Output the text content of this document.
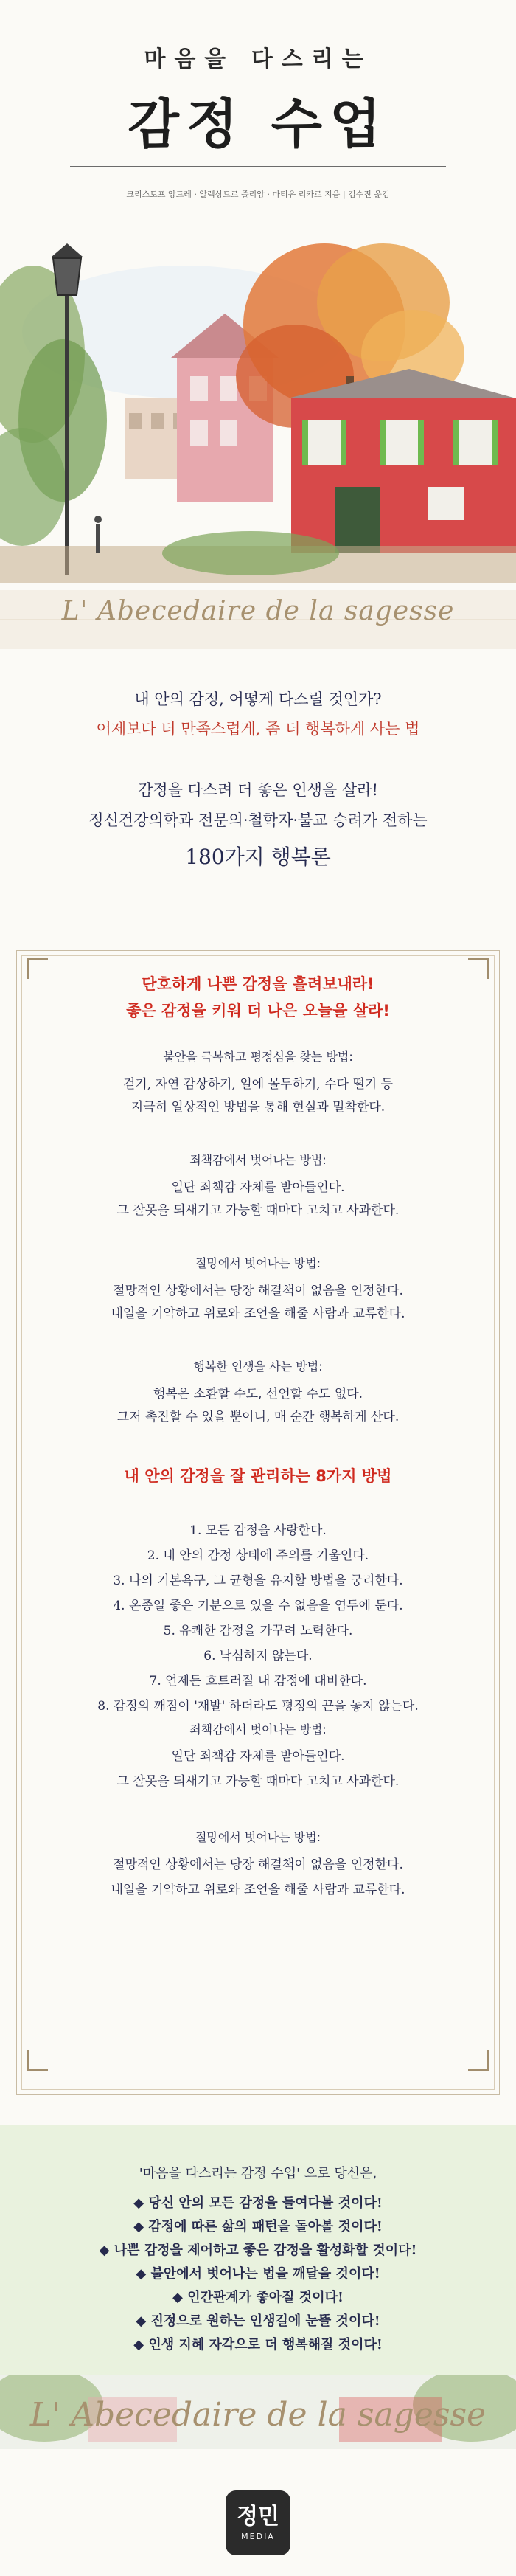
마음을 다스리는
감정 수업
크리스토프 앙드레 · 알렉상드르 졸리앙 · 마티유 리카르 지음 | 김수진 옮김
L' Abecedaire de la sagesse
내 안의 감정, 어떻게 다스릴 것인가?
어제보다 더 만족스럽게, 좀 더 행복하게 사는 법
감정을 다스려 더 좋은 인생을 살라!
정신건강의학과 전문의·철학자·불교 승려가 전하는
180가지 행복론
단호하게 나쁜 감정을 흘려보내라!
좋은 감정을 키워 더 나은 오늘을 살라!
불안을 극복하고 평정심을 찾는 방법:
걷기, 자연 감상하기, 일에 몰두하기, 수다 떨기 등
지극히 일상적인 방법을 통해 현실과 밀착한다.
죄책감에서 벗어나는 방법:
일단 죄책감 자체를 받아들인다.
그 잘못을 되새기고 가능할 때마다 고치고 사과한다.
절망에서 벗어나는 방법:
절망적인 상황에서는 당장 해결책이 없음을 인정한다.
내일을 기약하고 위로와 조언을 해줄 사람과 교류한다.
행복한 인생을 사는 방법:
행복은 소환할 수도, 선언할 수도 없다.
그저 촉진할 수 있을 뿐이니, 매 순간 행복하게 산다.
내 안의 감정을 잘 관리하는 8가지 방법
1. 모든 감정을 사랑한다.
2. 내 안의 감정 상태에 주의를 기울인다.
3. 나의 기본욕구, 그 균형을 유지할 방법을 궁리한다.
4. 온종일 좋은 기분으로 있을 수 없음을 염두에 둔다.
5. 유쾌한 감정을 가꾸려 노력한다.
6. 낙심하지 않는다.
7. 언제든 흐트러질 내 감정에 대비한다.
8. 감정의 깨짐이 '재발' 하더라도 평정의 끈을 놓지 않는다.
죄책감에서 벗어나는 방법:
일단 죄책감 자체를 받아들인다.
그 잘못을 되새기고 가능할 때마다 고치고 사과한다.
절망에서 벗어나는 방법:
절망적인 상황에서는 당장 해결책이 없음을 인정한다.
내일을 기약하고 위로와 조언을 해줄 사람과 교류한다.
'마음을 다스리는 감정 수업' 으로 당신은,
◆ 당신 안의 모든 감정을 들여다볼 것이다!
◆ 감정에 따른 삶의 패턴을 돌아볼 것이다!
◆ 나쁜 감정을 제어하고 좋은 감정을 활성화할 것이다!
◆ 불안에서 벗어나는 법을 깨달을 것이다!
◆ 인간관계가 좋아질 것이다!
◆ 진정으로 원하는 인생길에 눈뜰 것이다!
◆ 인생 지혜 자각으로 더 행복해질 것이다!
L' Abecedaire de la sagesse
정민
MEDIA
